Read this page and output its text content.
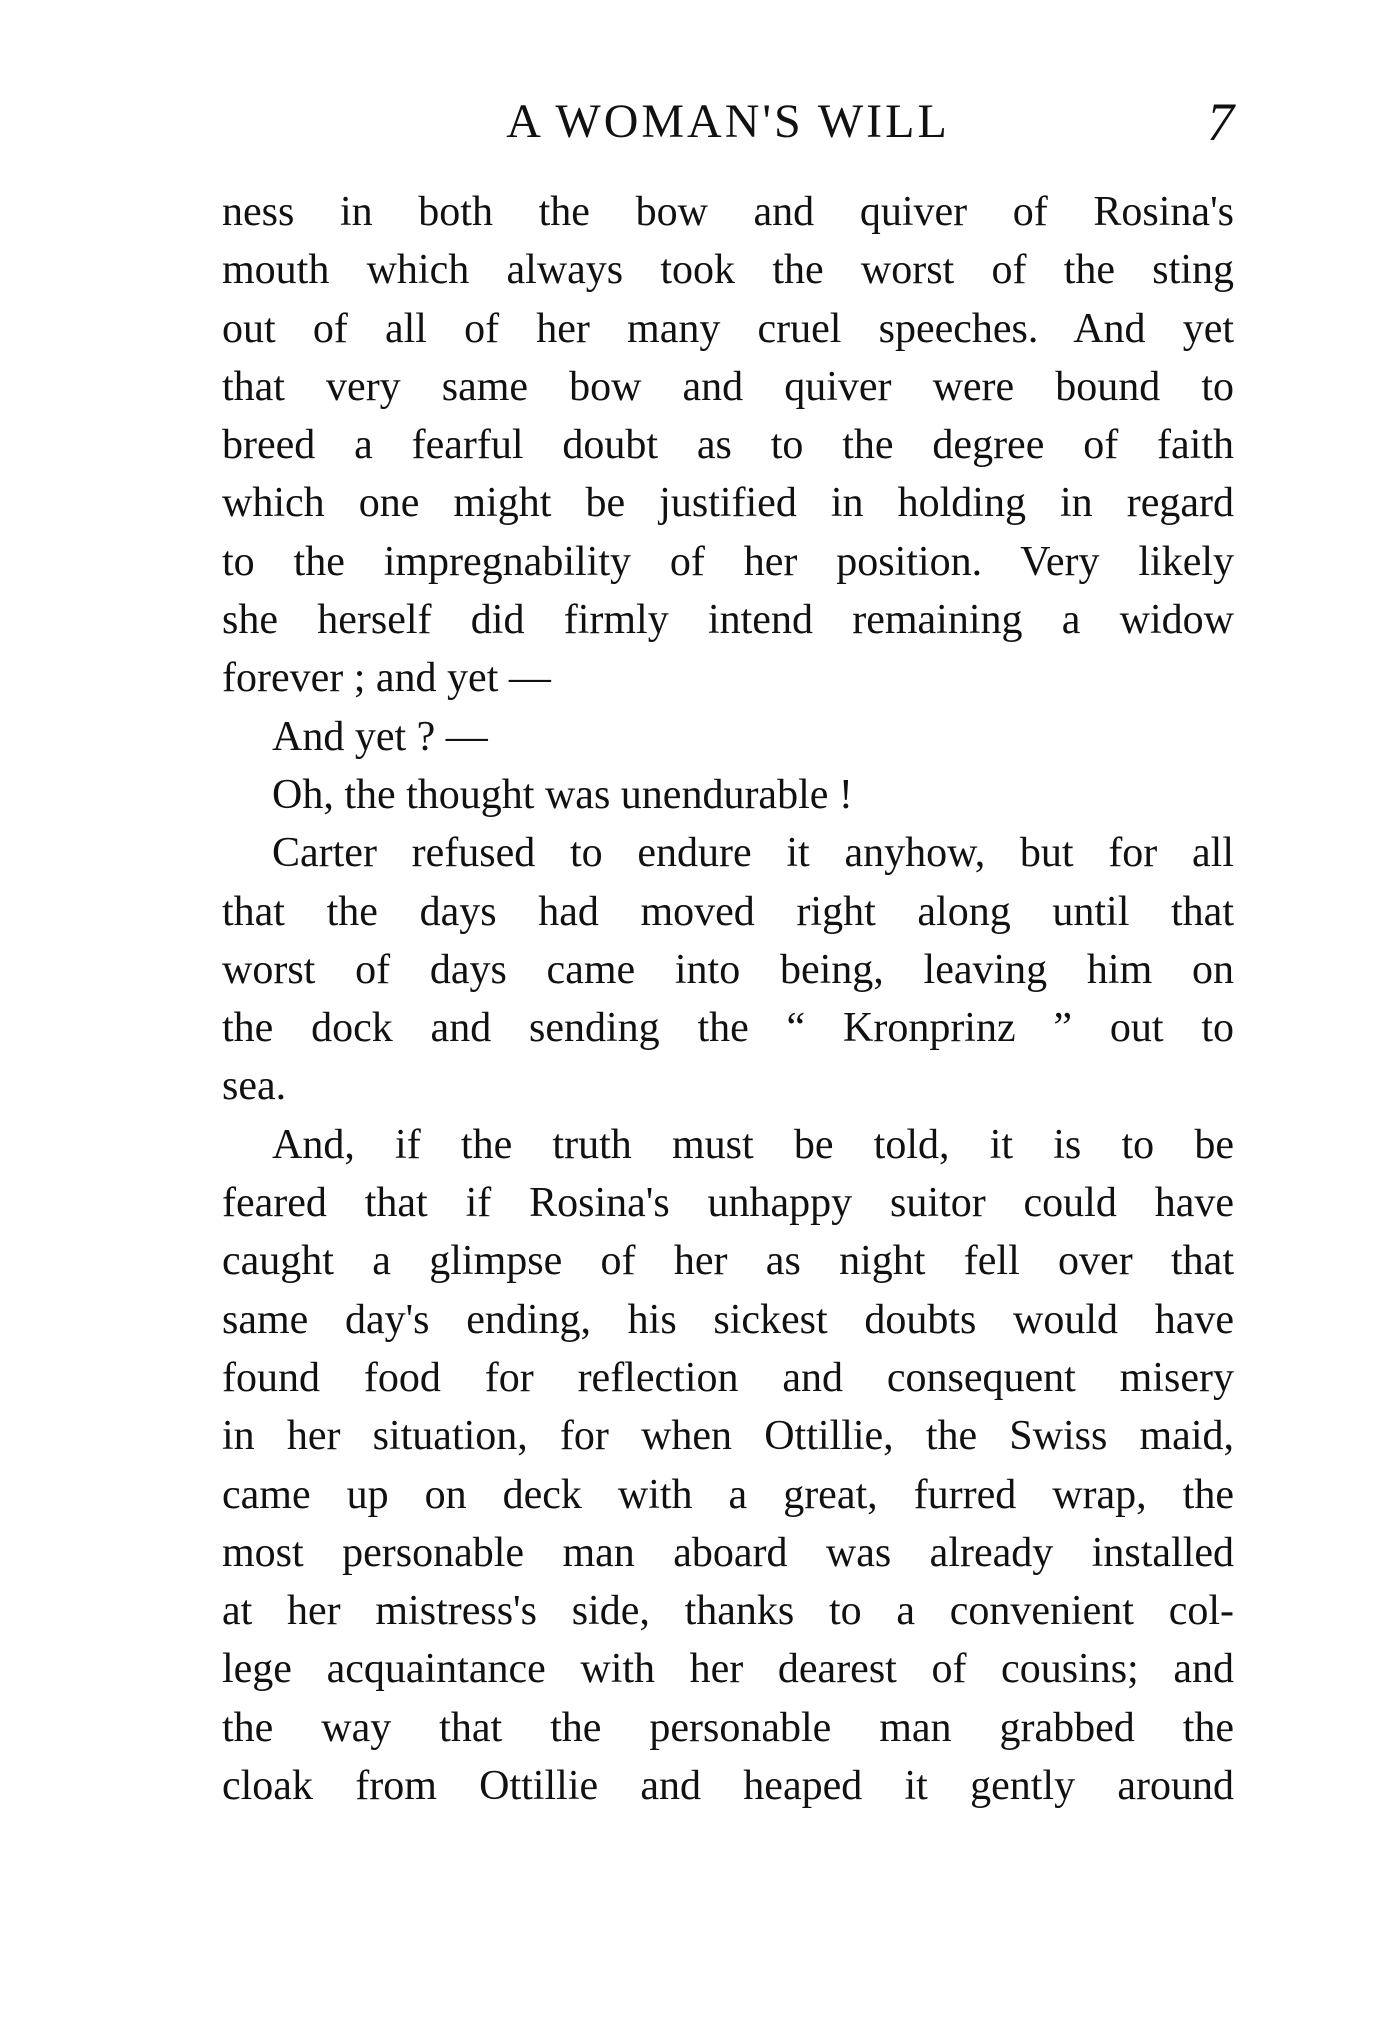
A WOMAN'S WILL	7
ness in both the bow and quiver of Rosina's
mouth which always took the worst of the sting
out of all of her many cruel speeches. And yet
that very same bow and quiver were bound to
breed a fearful doubt as to the degree of faith
which one might be justified in holding in regard
to the impregnability of her position. Very likely
she herself did firmly intend remaining a widow
forever ; and yet —
And yet ? —
Oh, the thought was unendurable !
Carter refused to endure it anyhow, but for all
that the days had moved right along until that
worst of days came into being, leaving him on
the dock and sending the “ Kronprinz ” out to
sea.
And, if the truth must be told, it is to be
feared that if Rosina's unhappy suitor could have
caught a glimpse of her as night fell over that
same day's ending, his sickest doubts would have
found food for reflection and consequent misery
in her situation, for when Ottillie, the Swiss maid,
came up on deck with a great, furred wrap, the
most personable man aboard was already installed
at her mistress's side, thanks to a convenient col-
lege acquaintance with her dearest of cousins; and
the way that the personable man grabbed the
cloak from Ottillie and heaped it gently around
